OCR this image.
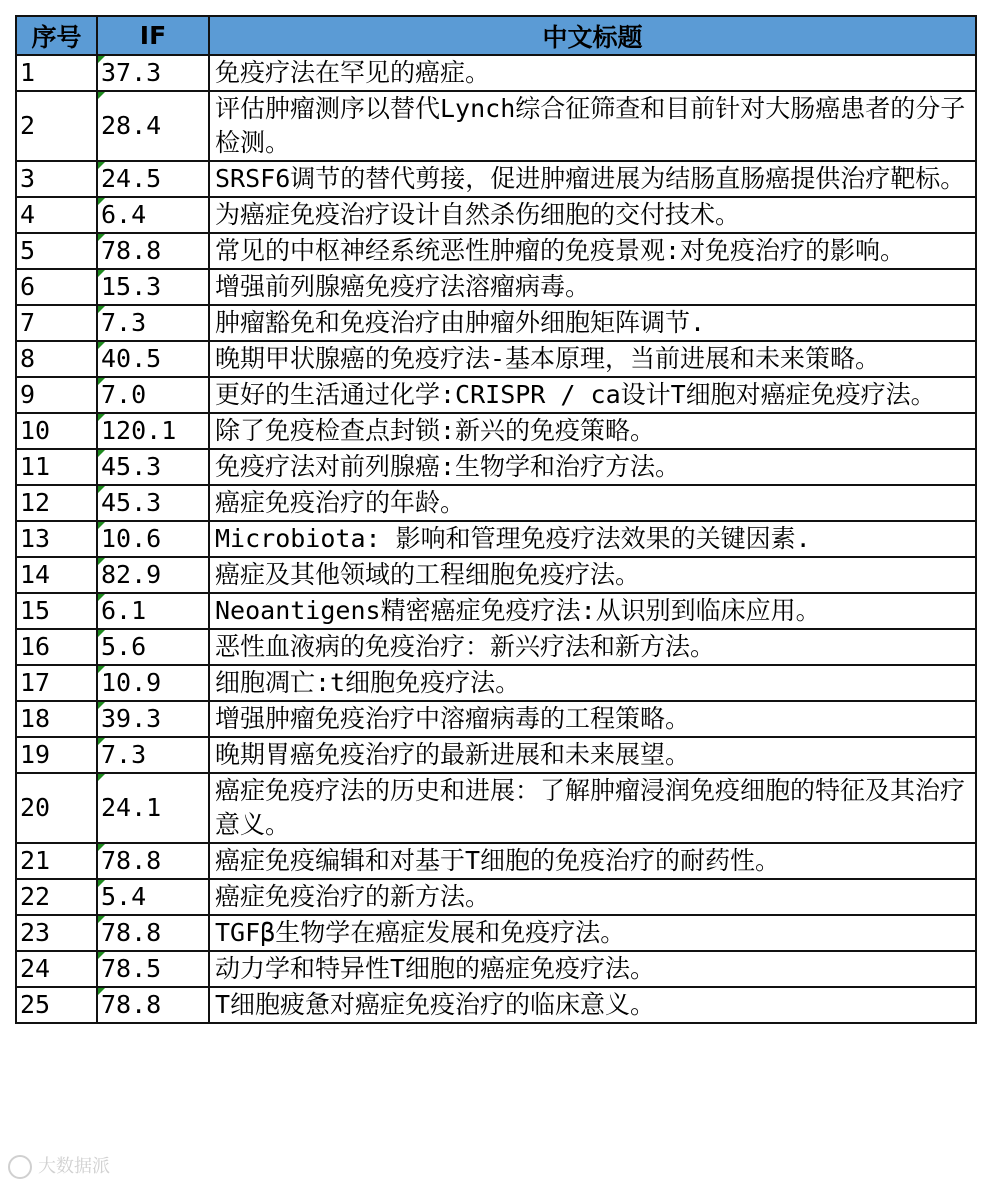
序号	IF	中文标题
1	37.3	免疫疗法在罕见的癌症。
2	28.4	评估肿瘤测序以替代Lynch综合征筛查和目前针对大肠癌患者的分子检测。
3	24.5	SRSF6调节的替代剪接，促进肿瘤进展为结肠直肠癌提供治疗靶标。
4	6.4	为癌症免疫治疗设计自然杀伤细胞的交付技术。
5	78.8	常见的中枢神经系统恶性肿瘤的免疫景观:对免疫治疗的影响。
6	15.3	增强前列腺癌免疫疗法溶瘤病毒。
7	7.3	肿瘤豁免和免疫治疗由肿瘤外细胞矩阵调节.
8	40.5	晚期甲状腺癌的免疫疗法-基本原理，当前进展和未来策略。
9	7.0	更好的生活通过化学:CRISPR / ca设计T细胞对癌症免疫疗法。
10	120.1	除了免疫检查点封锁:新兴的免疫策略。
11	45.3	免疫疗法对前列腺癌:生物学和治疗方法。
12	45.3	癌症免疫治疗的年龄。
13	10.6	Microbiota: 影响和管理免疫疗法效果的关键因素.
14	82.9	癌症及其他领域的工程细胞免疫疗法。
15	6.1	Neoantigens精密癌症免疫疗法:从识别到临床应用。
16	5.6	恶性血液病的免疫治疗：新兴疗法和新方法。
17	10.9	细胞凋亡:t细胞免疫疗法。
18	39.3	增强肿瘤免疫治疗中溶瘤病毒的工程策略。
19	7.3	晚期胃癌免疫治疗的最新进展和未来展望。
20	24.1	癌症免疫疗法的历史和进展：了解肿瘤浸润免疫细胞的特征及其治疗意义。
21	78.8	癌症免疫编辑和对基于T细胞的免疫治疗的耐药性。
22	5.4	癌症免疫治疗的新方法。
23	78.8	TGFβ生物学在癌症发展和免疫疗法。
24	78.5	动力学和特异性T细胞的癌症免疫疗法。
25	78.8	T细胞疲惫对癌症免疫治疗的临床意义。
大数据派
